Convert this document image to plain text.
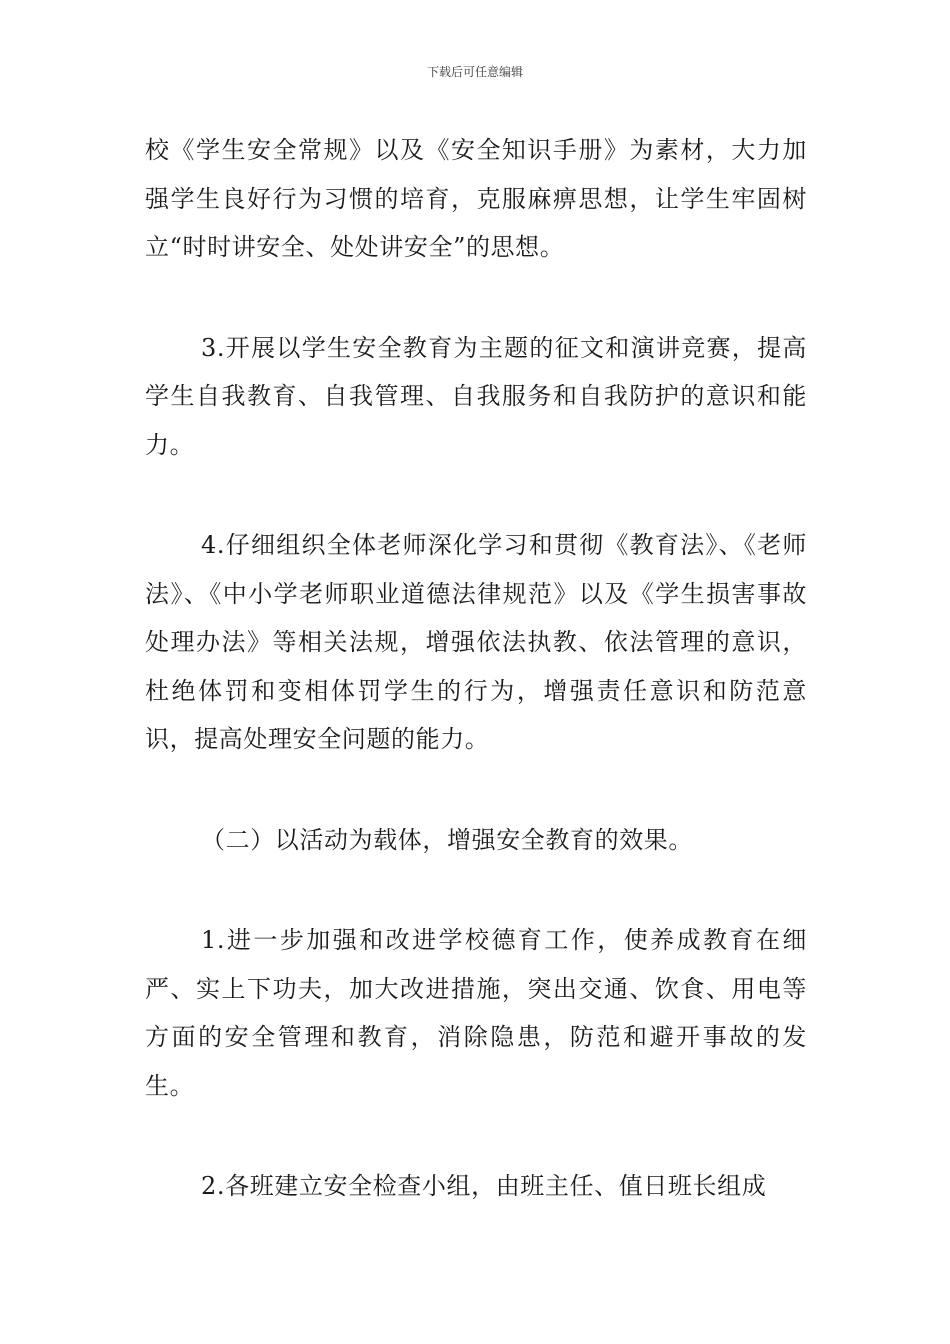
下载后可任意编辑

校《学生安全常规》以及《安全知识手册》为素材，大力加强学生良好行为习惯的培育，克服麻痹思想，让学生牢固树立“时时讲安全、处处讲安全”的思想。

3.开展以学生安全教育为主题的征文和演讲竞赛，提高学生自我教育、自我管理、自我服务和自我防护的意识和能力。

4.仔细组织全体老师深化学习和贯彻《教育法》、《老师法》、《中小学老师职业道德法律规范》以及《学生损害事故处理办法》等相关法规，增强依法执教、依法管理的意识，杜绝体罚和变相体罚学生的行为，增强责任意识和防范意识，提高处理安全问题的能力。

（二）以活动为载体，增强安全教育的效果。

1.进一步加强和改进学校德育工作，使养成教育在细严、实上下功夫，加大改进措施，突出交通、饮食、用电等方面的安全管理和教育，消除隐患，防范和避开事故的发生。

2.各班建立安全检查小组，由班主任、值日班长组成
